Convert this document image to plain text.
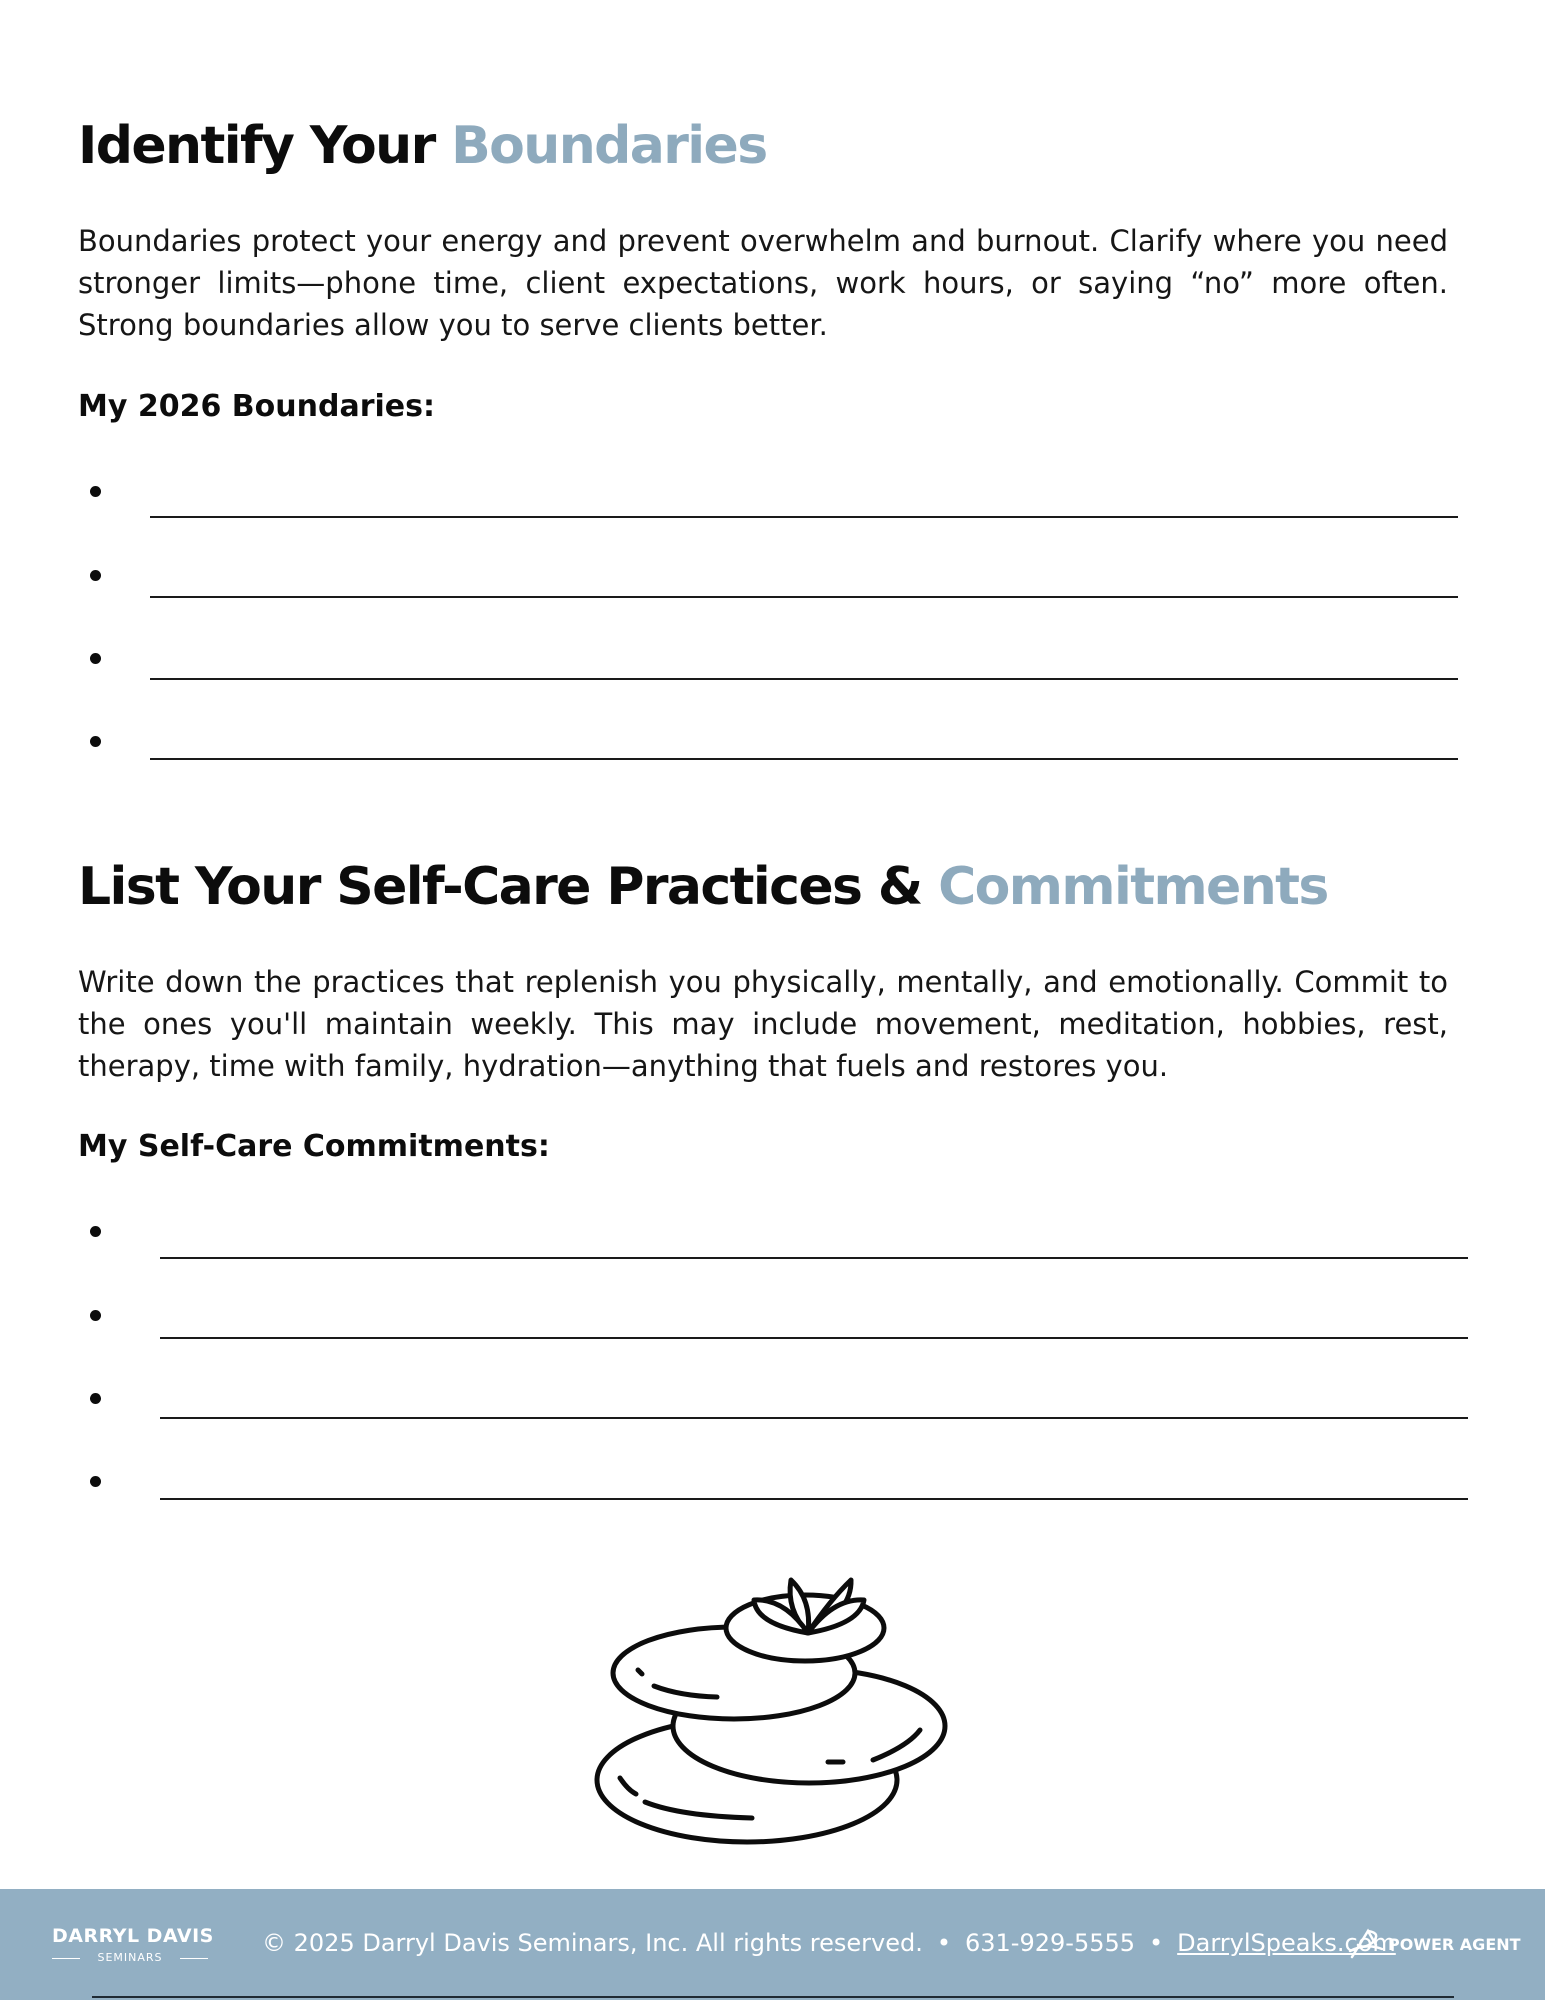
Identify Your Boundaries

Boundaries protect your energy and prevent overwhelm and burnout. Clarify where you need stronger limits—phone time, client expectations, work hours, or saying “no” more often. Strong boundaries allow you to serve clients better.

My 2026 Boundaries:
List Your Self-Care Practices & Commitments

Write down the practices that replenish you physically, mentally, and emotionally. Commit to the ones you'll maintain weekly. This may include movement, meditation, hobbies, rest, therapy, time with family, hydration—anything that fuels and restores you.

My Self-Care Commitments:
DARRYL DAVIS
SEMINARS
© 2025 Darryl Davis Seminars, Inc. All rights reserved. • 631-929-5555 • DarrylSpeaks.com
POWER AGENT
